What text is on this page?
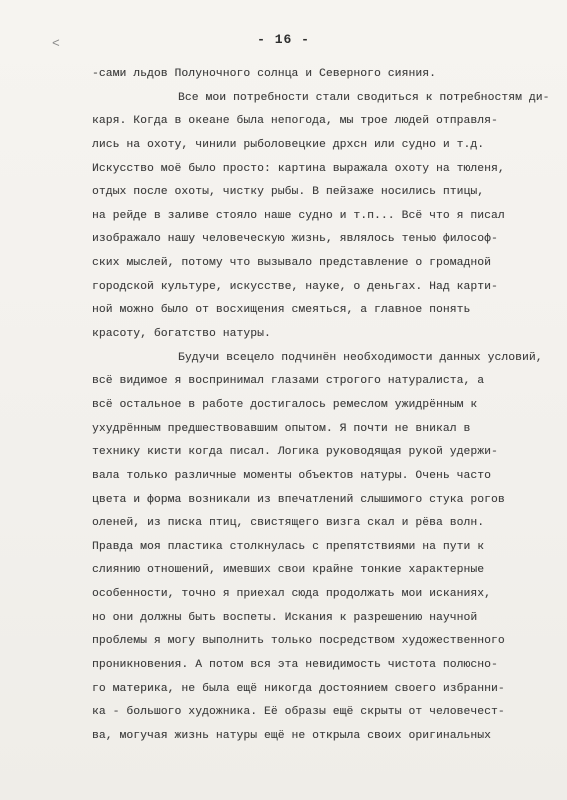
<	- 16 -
-сами льдов Полуночного солнца и Северного сияния.
Все мои потребности стали сводиться к потребностям ди-
каря. Когда в океане была непогода, мы трое людей отправля-
лись на охоту, чинили рыболовецкие дрхсн или судно и т.д.
Искусство моё было просто: картина выражала охоту на тюленя,
отдых после охоты, чистку рыбы. В пейзаже носились птицы,
на рейде в заливе стояло наше судно и т.п... Всё что я писал
изображало нашу человеческую жизнь, являлось тенью философ-
ских мыслей, потому что вызывало представление о громадной
городской культуре, искусстве, науке, о деньгах. Над карти-
ной можно было от восхищения смеяться, а главное понять
красоту, богатство натуры.
Будучи всецело подчинён необходимости данных условий,
всё видимое я воспринимал глазами строгого натуралиста, а
всё остальное в работе достигалось ремеслом ужидрённым к
ухудрённым предшествовавшим опытом. Я почти не вникал в
технику кисти когда писал. Логика руководящая рукой удержи-
вала только различные моменты объектов натуры. Очень часто
цвета и форма возникали из впечатлений слышимого стука рогов
оленей, из писка птиц, свистящего визга скал и рёва волн.
Правда моя пластика столкнулась с препятствиями на пути к
слиянию отношений, имевших свои крайне тонкие характерные
особенности, точно я приехал сюда продолжать мои исканиях,
но они должны быть воспеты. Искания к разрешению научной
проблемы я могу выполнить только посредством художественного
проникновения. А потом вся эта невидимость чистота полюсно-
го материка, не была ещё никогда достоянием своего избранни-
ка - большого художника. Её образы ещё скрыты от человечест-
ва, могучая жизнь натуры ещё не открыла своих оригинальных
